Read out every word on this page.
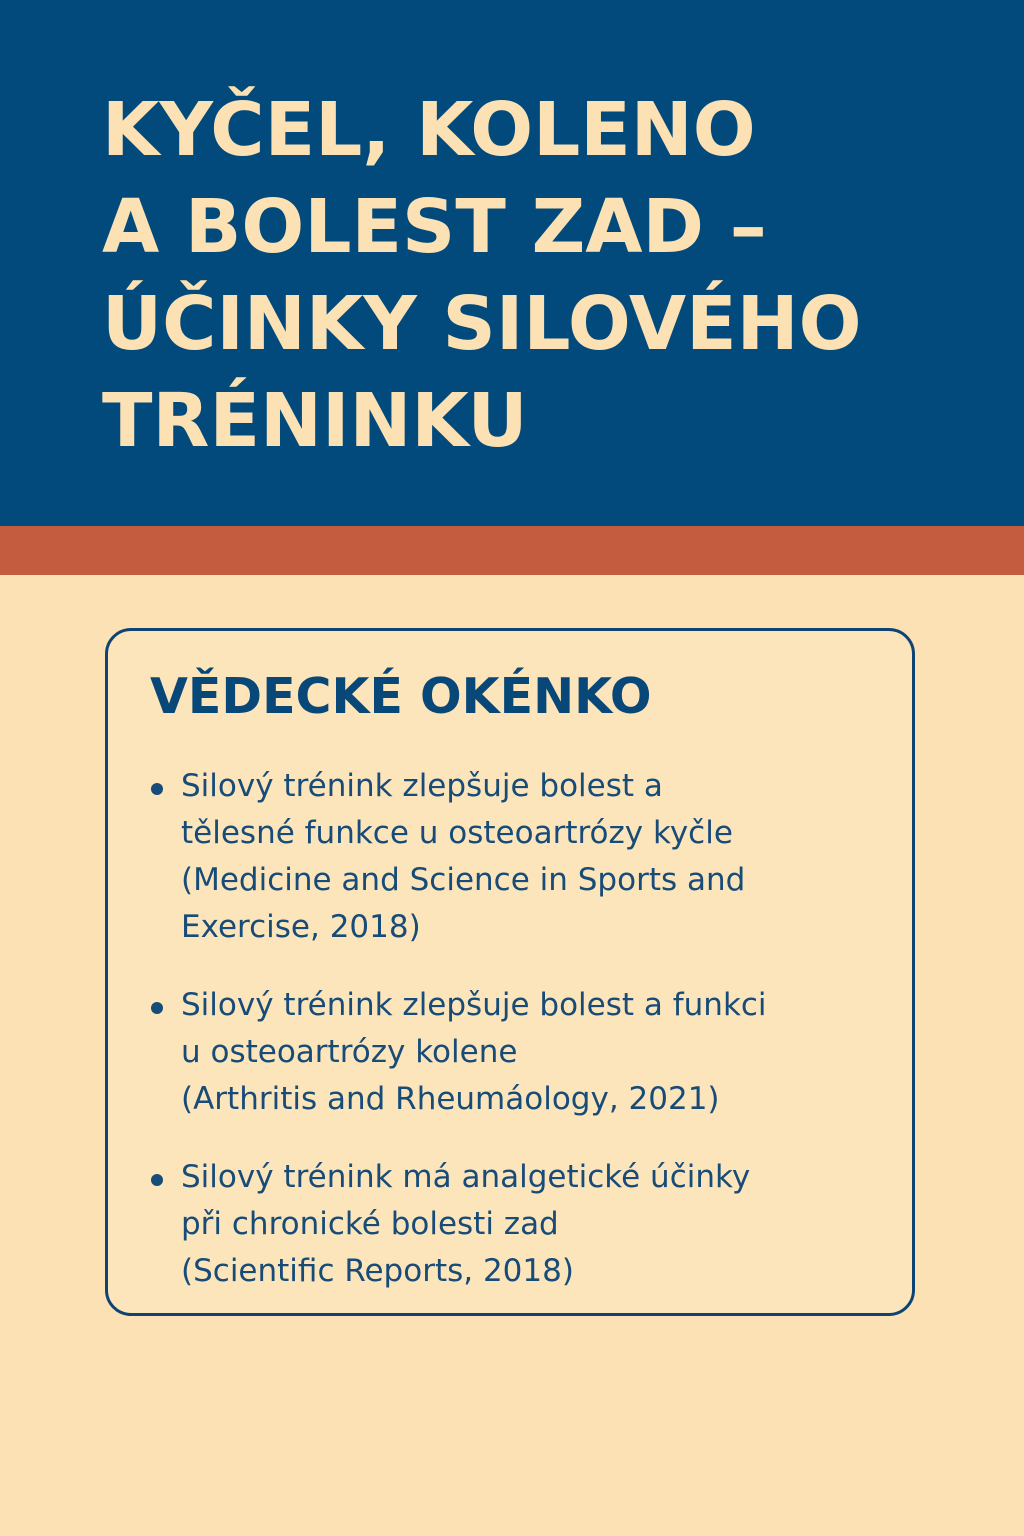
KYČEL, KOLENO
A BOLEST ZAD –
ÚČINKY SILOVÉHO
TRÉNINKU
VĚDECKÉ OKÉNKO
Silový trénink zlepšuje bolest a
tělesné funkce u osteoartrózy kyčle
(Medicine and Science in Sports and
Exercise, 2018)
Silový trénink zlepšuje bolest a funkci
u osteoartrózy kolene
(Arthritis and Rheumáology, 2021)
Silový trénink má analgetické účinky
při chronické bolesti zad
(Scientific Reports, 2018)
